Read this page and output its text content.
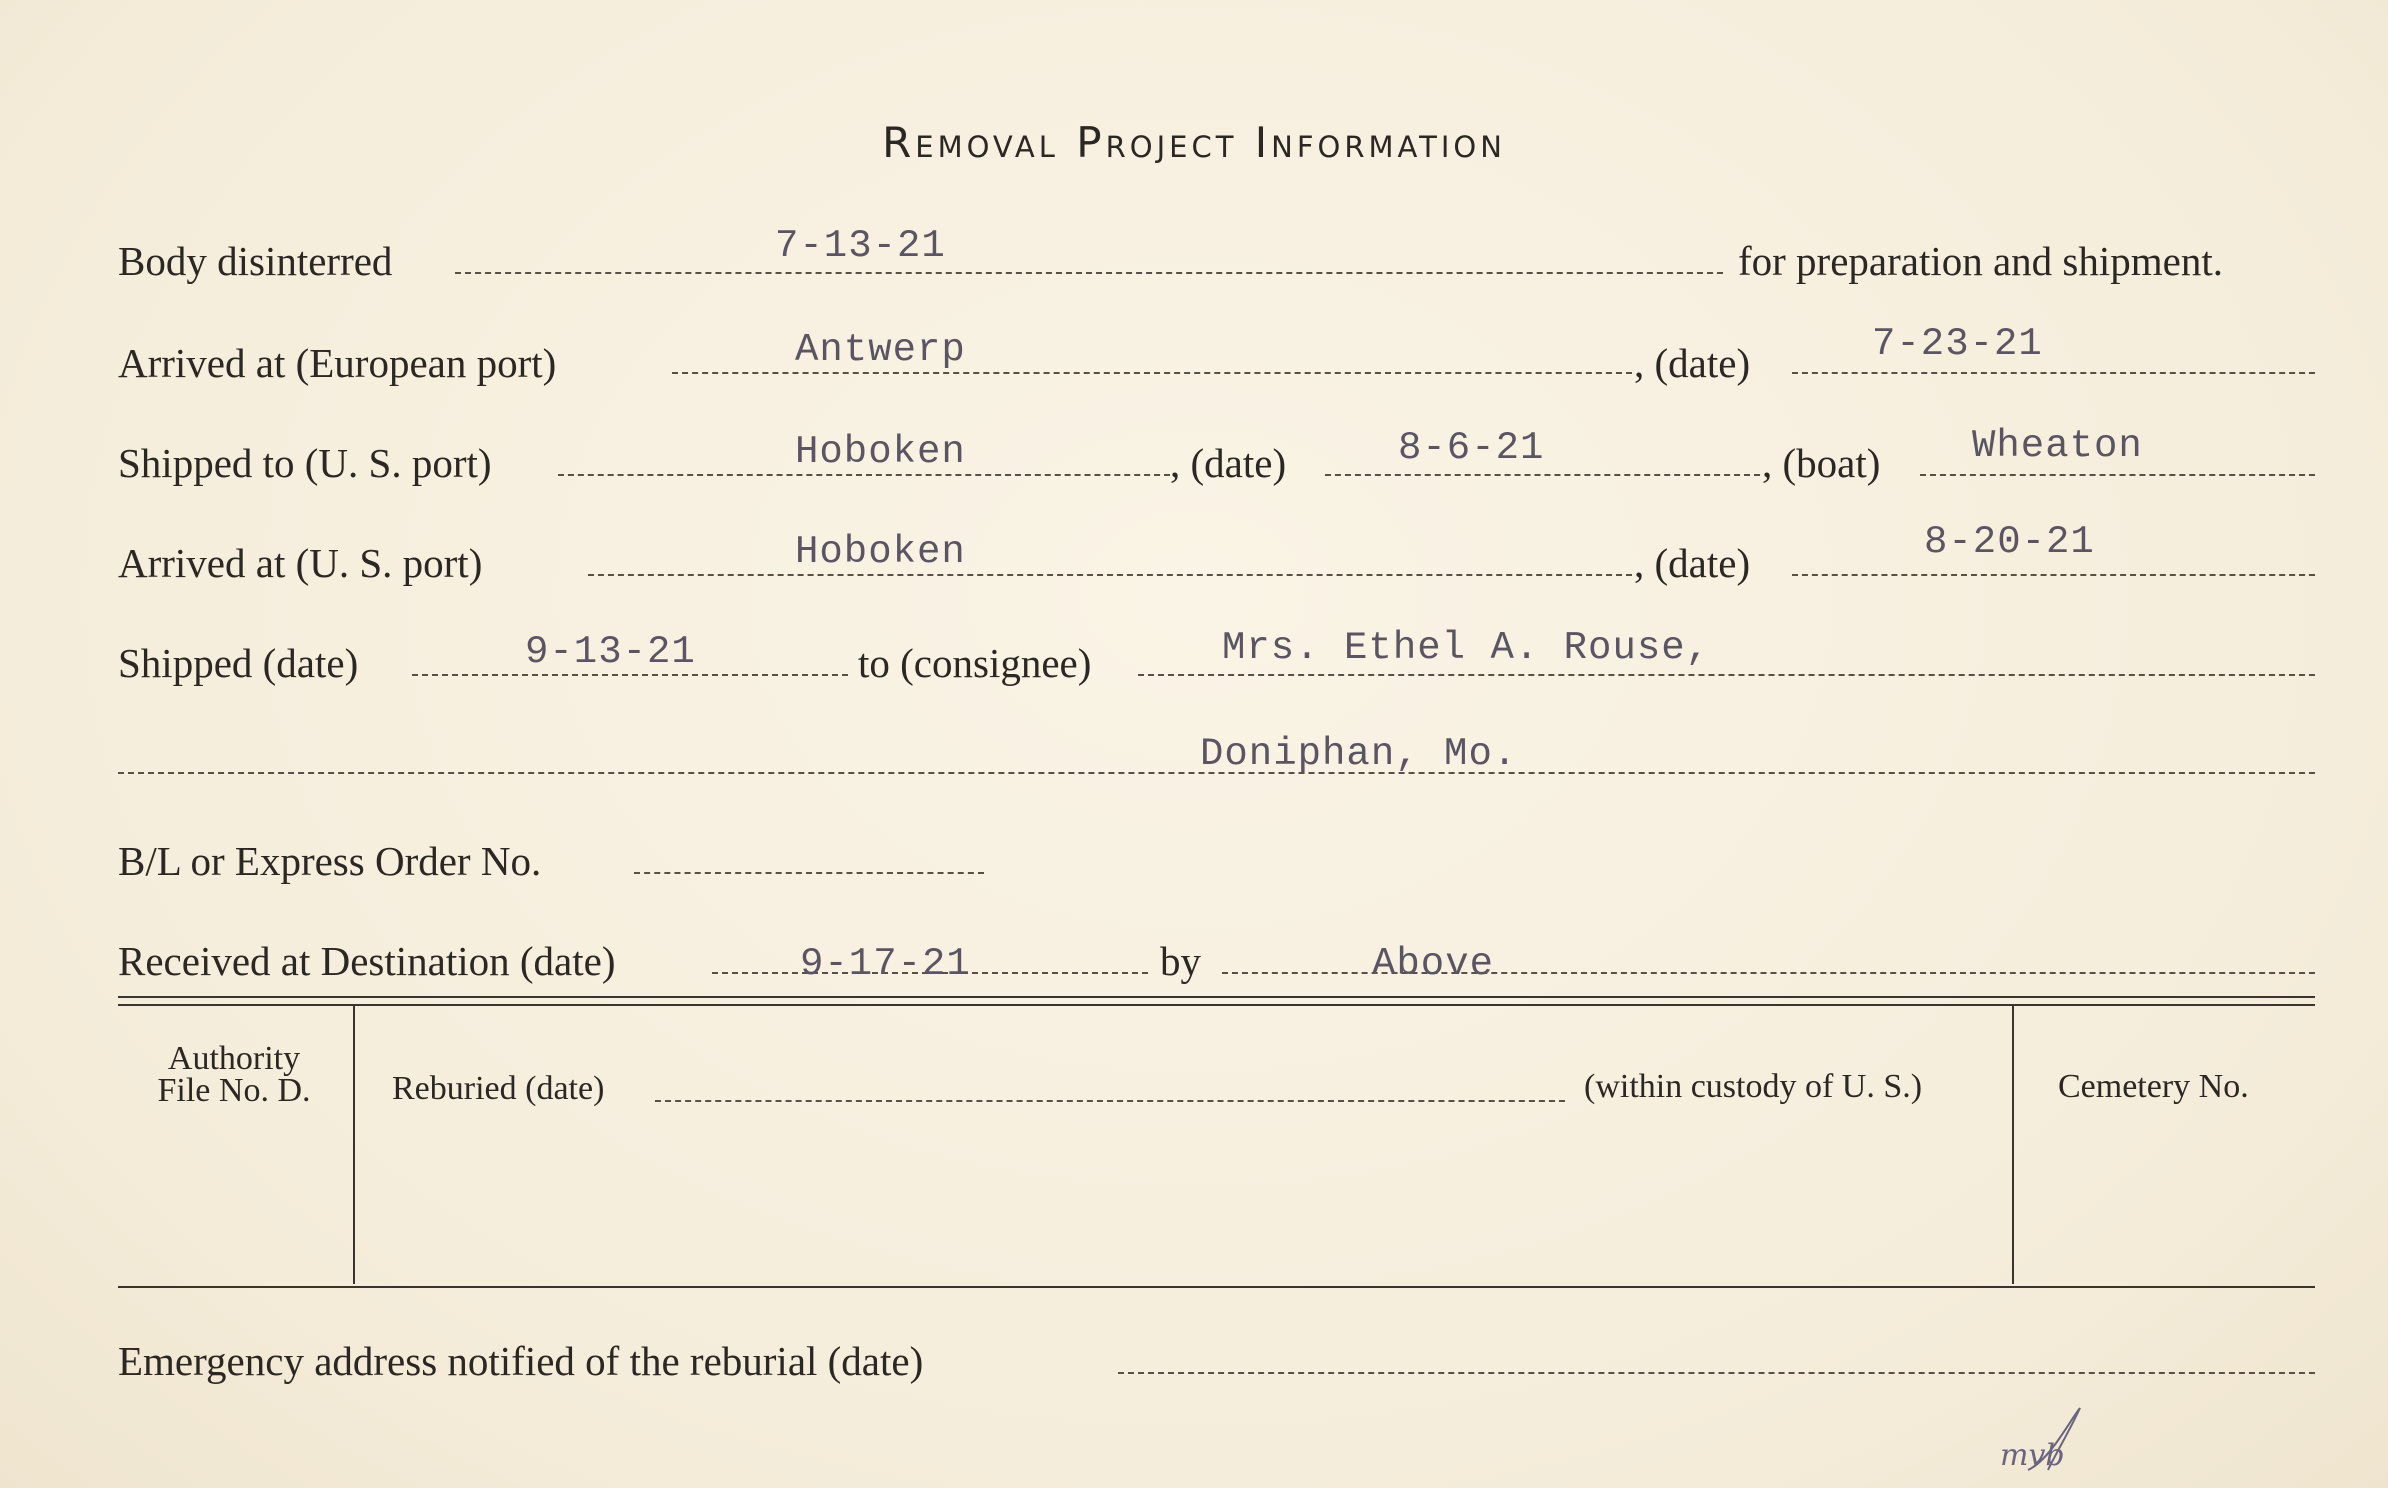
Removal Project Information
Body disinterred	7-13-21	for preparation and shipment.
Arrived at (European port)	Antwerp	, (date)	7-23-21
Shipped to (U. S. port)	Hoboken	, (date)	8-6-21	, (boat) Wheaton
Arrived at (U. S. port)	Hoboken	, (date)	8-20-21
Shipped (date)	9-13-21	to (consignee)	Mrs. Ethel A. Rouse,
Doniphan, Mo.
B/L or Express Order No.
Received at Destination (date)	9-17-21	by	Above
Authority
File No. D.	Reburied (date)	(within custody of U. S.)	Cemetery No.
Emergency address notified of the reburial (date)
mvb
